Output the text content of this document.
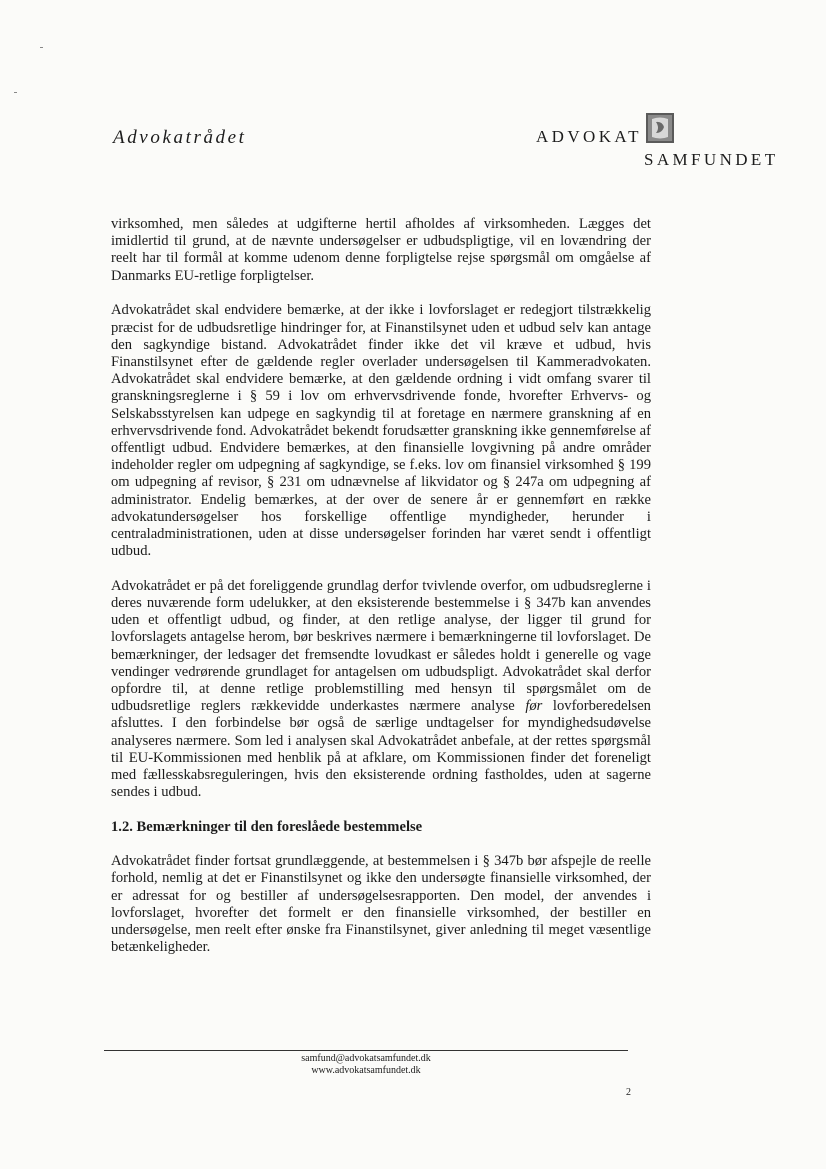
Advokatrådet	ADVOKAT
SAMFUNDET

virksomhed, men således at udgifterne hertil afholdes af virksomheden. Lægges det imidlertid til grund, at de nævnte undersøgelser er udbudspligtige, vil en lovændring der reelt har til formål at komme udenom denne forpligtelse rejse spørgsmål om omgåelse af Danmarks EU-retlige forpligtelser.

Advokatrådet skal endvidere bemærke, at der ikke i lovforslaget er redegjort tilstrækkelig præcist for de udbudsretlige hindringer for, at Finanstilsynet uden et udbud selv kan antage den sagkyndige bistand. Advokatrådet finder ikke det vil kræve et udbud, hvis Finanstilsynet efter de gældende regler overlader undersøgelsen til Kammeradvokaten. Advokatrådet skal endvidere bemærke, at den gældende ordning i vidt omfang svarer til granskningsreglerne i § 59 i lov om erhvervsdrivende fonde, hvorefter Erhvervs- og Selskabsstyrelsen kan udpege en sagkyndig til at foretage en nærmere granskning af en erhvervsdrivende fond. Advokatrådet bekendt forudsætter granskning ikke gennemførelse af offentligt udbud. Endvidere bemærkes, at den finansielle lovgivning på andre områder indeholder regler om udpegning af sagkyndige, se f.eks. lov om finansiel virksomhed § 199 om udpegning af revisor, § 231 om udnævnelse af likvidator og § 247a om udpegning af administrator. Endelig bemærkes, at der over de senere år er gennemført en række advokatundersøgelser hos forskellige offentlige myndigheder, herunder i centraladministrationen, uden at disse undersøgelser forinden har været sendt i offentligt udbud.

Advokatrådet er på det foreliggende grundlag derfor tvivlende overfor, om udbudsreglerne i deres nuværende form udelukker, at den eksisterende bestemmelse i § 347b kan anvendes uden et offentligt udbud, og finder, at den retlige analyse, der ligger til grund for lovforslagets antagelse herom, bør beskrives nærmere i bemærkningerne til lovforslaget. De bemærkninger, der ledsager det fremsendte lovudkast er således holdt i generelle og vage vendinger vedrørende grundlaget for antagelsen om udbudspligt. Advokatrådet skal derfor opfordre til, at denne retlige problemstilling med hensyn til spørgsmålet om de udbudsretlige reglers rækkevidde underkastes nærmere analyse før lovforberedelsen afsluttes. I den forbindelse bør også de særlige undtagelser for myndighedsudøvelse analyseres nærmere. Som led i analysen skal Advokatrådet anbefale, at der rettes spørgsmål til EU-Kommissionen med henblik på at afklare, om Kommissionen finder det foreneligt med fællesskabsreguleringen, hvis den eksisterende ordning fastholdes, uden at sagerne sendes i udbud.

1.2. Bemærkninger til den foreslåede bestemmelse

Advokatrådet finder fortsat grundlæggende, at bestemmelsen i § 347b bør afspejle de reelle forhold, nemlig at det er Finanstilsynet og ikke den undersøgte finansielle virksomhed, der er adressat for og bestiller af undersøgelsesrapporten. Den model, der anvendes i lovforslaget, hvorefter det formelt er den finansielle virksomhed, der bestiller en undersøgelse, men reelt efter ønske fra Finanstilsynet, giver anledning til meget væsentlige betænkeligheder.

samfund@advokatsamfundet.dk
www.advokatsamfundet.dk
2
